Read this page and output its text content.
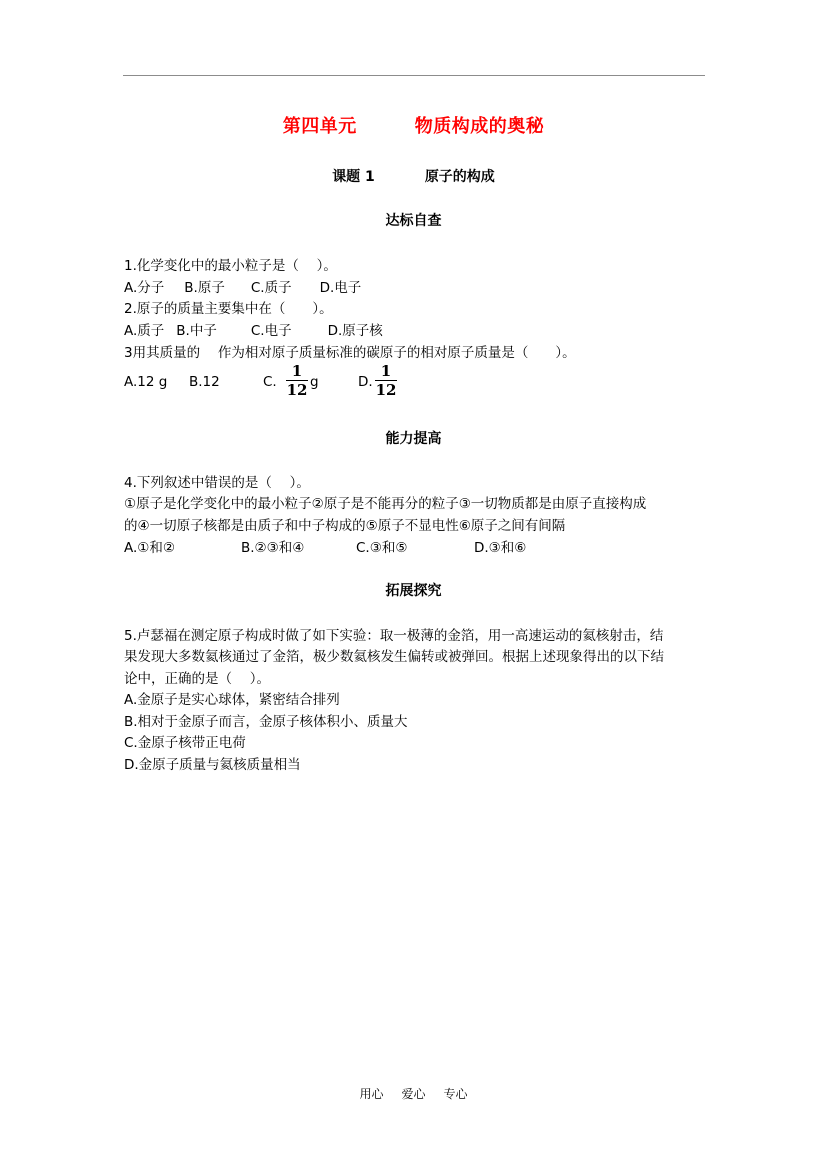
第四单元	物质构成的奥秘
课题 1	原子的构成
达标自查
1.化学变化中的最小粒子是（　 ）。
A.分子 B.原子 C.质子 D.电子
2.原子的质量主要集中在（　　）。
A.质子 B.中子	C.电子	D.原子核
3用其质量的　 作为相对原子质量标准的碳原子的相对原子质量是（　　）。
A.12 g B.12	C.
1
12 g	D.
1
12
能力提高
4.下列叙述中错误的是（　 ）。
①原子是化学变化中的最小粒子②原子是不能再分的粒子③一切物质都是由原子直接构成
的④一切原子核都是由质子和中子构成的⑤原子不显电性⑥原子之间有间隔
A.①和②	B.②③和④	C.③和⑤	D.③和⑥
拓展探究
5.卢瑟福在测定原子构成时做了如下实验：取一极薄的金箔，用一高速运动的氦核射击，结
果发现大多数氦核通过了金箔，极少数氦核发生偏转或被弹回。根据上述现象得出的以下结
论中，正确的是（　 ）。
A.金原子是实心球体，紧密结合排列
B.相对于金原子而言，金原子核体积小、质量大
C.金原子核带正电荷
D.金原子质量与氦核质量相当
用心 爱心 专心
